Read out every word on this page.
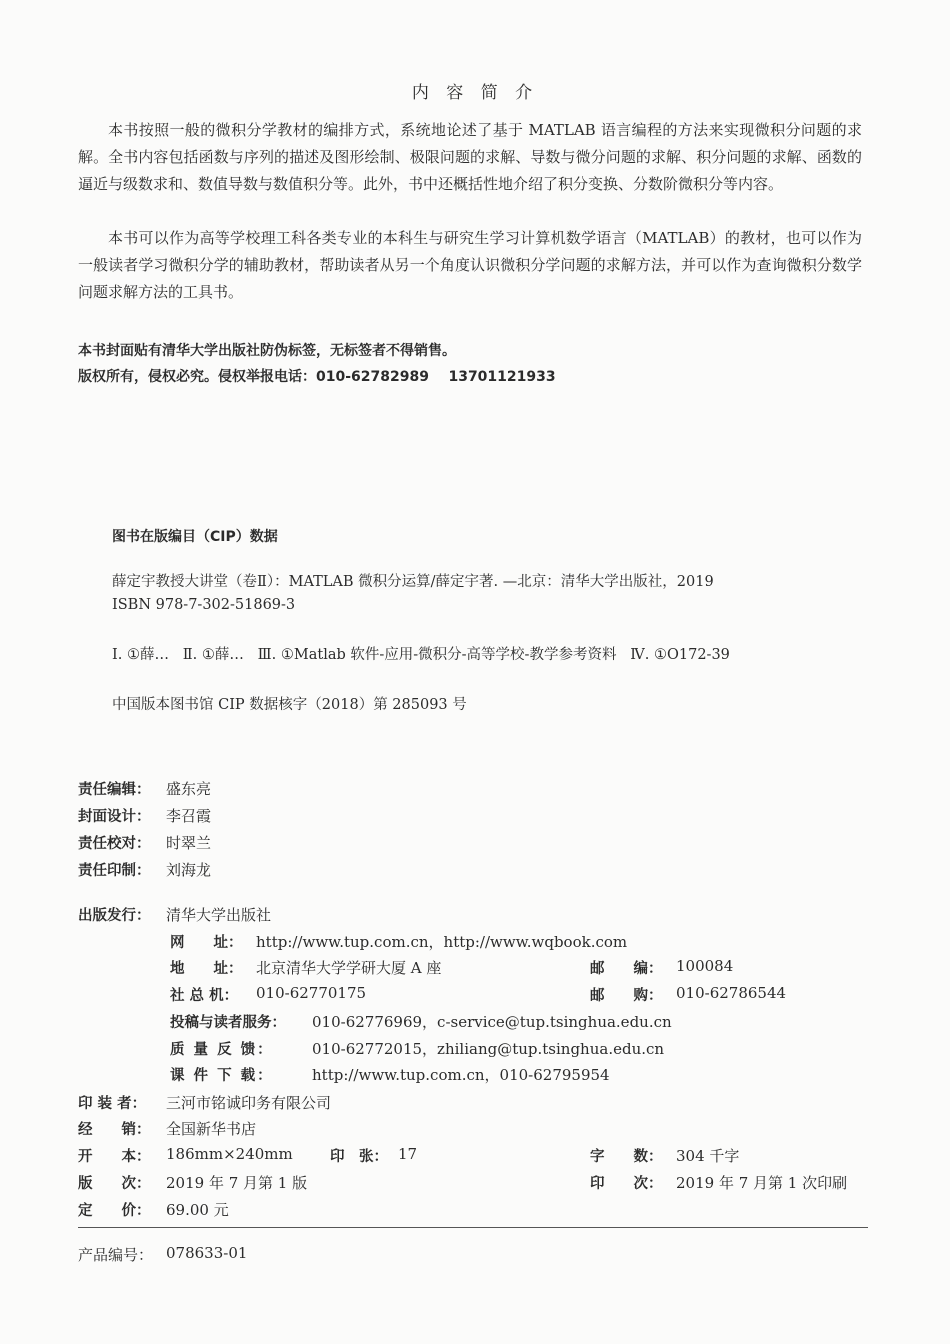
内 容 简 介
本书按照一般的微积分学教材的编排方式，系统地论述了基于 MATLAB 语言编程的方法来实现微积分问题的求解。全书内容包括函数与序列的描述及图形绘制、极限问题的求解、导数与微分问题的求解、积分问题的求解、函数的逼近与级数求和、数值导数与数值积分等。此外，书中还概括性地介绍了积分变换、分数阶微积分等内容。
本书可以作为高等学校理工科各类专业的本科生与研究生学习计算机数学语言（MATLAB）的教材，也可以作为一般读者学习微积分学的辅助教材，帮助读者从另一个角度认识微积分学问题的求解方法，并可以作为查询微积分数学问题求解方法的工具书。
本书封面贴有清华大学出版社防伪标签，无标签者不得销售。
版权所有，侵权必究。侵权举报电话：010-62782989    13701121933
图书在版编目（CIP）数据
薛定宇教授大讲堂（卷Ⅱ）：MATLAB 微积分运算/薛定宇著. —北京：清华大学出版社，2019
ISBN 978-7-302-51869-3
Ⅰ. ①薛…   Ⅱ. ①薛…   Ⅲ. ①Matlab 软件-应用-微积分-高等学校-教学参考资料   Ⅳ. ①O172-39
中国版本图书馆 CIP 数据核字（2018）第 285093 号
责任编辑： 盛东亮
封面设计： 李召霞
责任校对： 时翠兰
责任印制： 刘海龙
出版发行： 清华大学出版社
网　　址： http://www.tup.com.cn，http://www.wqbook.com
地　　址： 北京清华大学学研大厦 A 座	邮　　编： 100084
社 总 机： 010-62770175	邮　　购： 010-62786544
投稿与读者服务： 010-62776969，c-service@tup.tsinghua.edu.cn
质 量 反 馈：	010-62772015，zhiliang@tup.tsinghua.edu.cn
课 件 下 载：	http://www.tup.com.cn，010-62795954
印 装 者： 三河市铭诚印务有限公司
经　　销： 全国新华书店
开　　本： 186mm×240mm	印　张： 17	字　　数： 304 千字
版　　次： 2019 年 7 月第 1 版	印　　次： 2019 年 7 月第 1 次印刷
定　　价： 69.00 元
产品编号： 078633-01
